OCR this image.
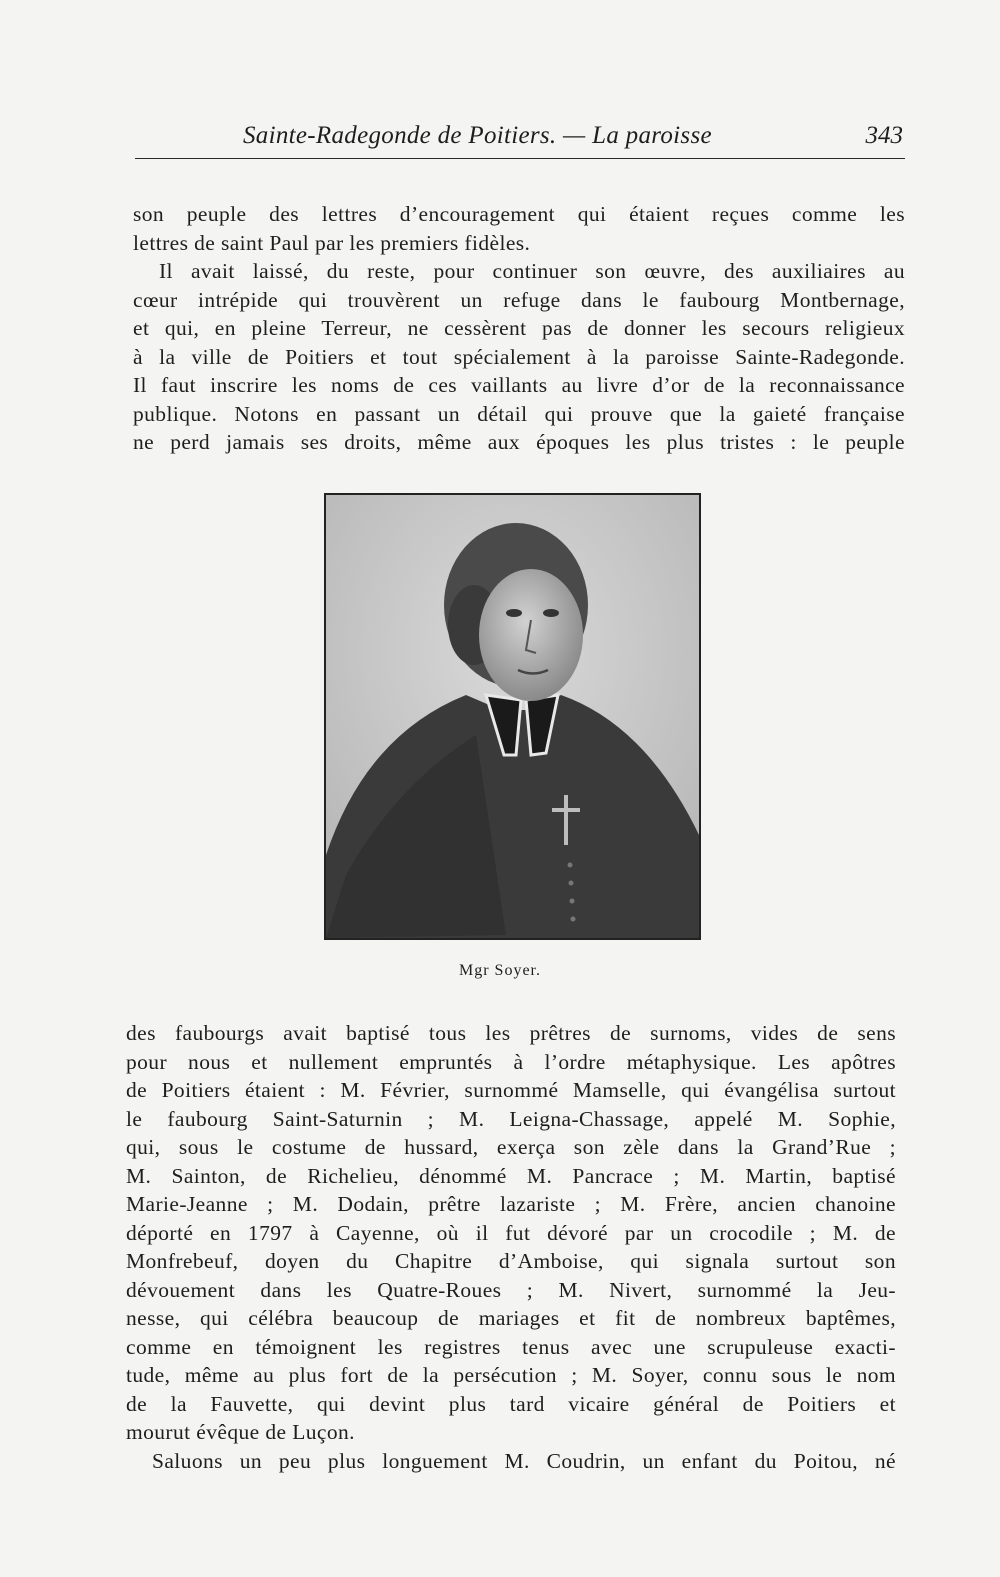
Sainte-Radegonde de Poitiers. — La paroisse	343
son peuple des lettres d’encouragement qui étaient reçues comme les
lettres de saint Paul par les premiers fidèles.
Il avait laissé, du reste, pour continuer son œuvre, des auxiliaires au
cœur intrépide qui trouvèrent un refuge dans le faubourg Montbernage,
et qui, en pleine Terreur, ne cessèrent pas de donner les secours religieux
à la ville de Poitiers et tout spécialement à la paroisse Sainte-Radegonde.
Il faut inscrire les noms de ces vaillants au livre d’or de la reconnaissance
publique. Notons en passant un détail qui prouve que la gaieté française
ne perd jamais ses droits, même aux époques les plus tristes : le peuple
Mgr Soyer.
des faubourgs avait baptisé tous les prêtres de surnoms, vides de sens
pour nous et nullement empruntés à l’ordre métaphysique. Les apôtres
de Poitiers étaient : M. Février, surnommé Mamselle, qui évangélisa surtout
le faubourg Saint-Saturnin ; M. Leigna-Chassage, appelé M. Sophie,
qui, sous le costume de hussard, exerça son zèle dans la Grand’Rue ;
M. Sainton, de Richelieu, dénommé M. Pancrace ; M. Martin, baptisé
Marie-Jeanne ; M. Dodain, prêtre lazariste ; M. Frère, ancien chanoine
déporté en 1797 à Cayenne, où il fut dévoré par un crocodile ; M. de
Monfrebeuf, doyen du Chapitre d’Amboise, qui signala surtout son
dévouement dans les Quatre-Roues ; M. Nivert, surnommé la Jeu-
nesse, qui célébra beaucoup de mariages et fit de nombreux baptêmes,
comme en témoignent les registres tenus avec une scrupuleuse exacti-
tude, même au plus fort de la persécution ; M. Soyer, connu sous le nom
de la Fauvette, qui devint plus tard vicaire général de Poitiers et
mourut évêque de Luçon.
Saluons un peu plus longuement M. Coudrin, un enfant du Poitou, né
